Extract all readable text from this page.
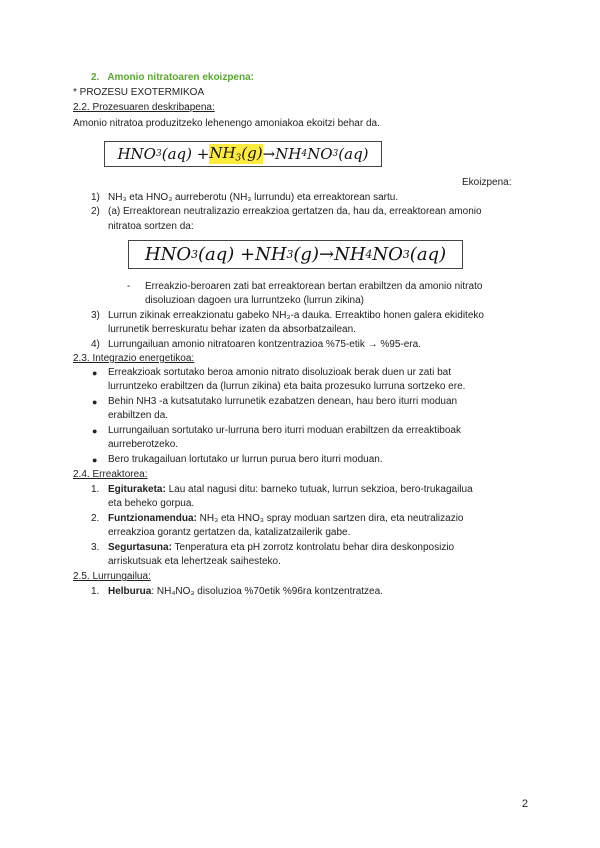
2. Amonio nitratoaren ekoizpena:
* PROZESU EXOTERMIKOA
2.2. Prozesuaren deskribapena:
Amonio nitratoa produzitzeko lehenengo amoniakoa ekoitzi behar da.
HNO 3 (aq) + NH3(g) → NH 4 NO 3 (aq)
Ekoizpena:
1) NH₃ eta HNO₃ aurreberotu (NH₃ lurrundu) eta erreaktorean sartu.
2) (a) Erreaktorean neutralizazio erreakzioa gertatzen da, hau da, erreaktorean amonio
nitratoa sortzen da:
HNO 3 (aq) + NH 3 (g) → NH 4 NO 3 (aq)
- Erreakzio-beroaren zati bat erreaktorean bertan erabiltzen da amonio nitrato
disoluzioan dagoen ura lurruntzeko (lurrun zikina)
3) Lurrun zikinak erreakzionatu gabeko NH₃-a dauka. Erreaktibo honen galera ekiditeko
lurrunetik berreskuratu behar izaten da absorbatzailean.
4) Lurrungailuan amonio nitratoaren kontzentrazioa %75-etik → %95-era.
2.3. Integrazio energetikoa:
● Erreakzioak sortutako beroa amonio nitrato disoluzioak berak duen ur zati bat
lurruntzeko erabiltzen da (lurrun zikina) eta baita prozesuko lurruna sortzeko ere.
● Behin NH3 -a kutsatutako lurrunetik ezabatzen denean, hau bero iturri moduan
erabiltzen da.
● Lurrungailuan sortutako ur-lurruna bero iturri moduan erabiltzen da erreaktiboak
aurreberotzeko.
● Bero trukagailuan lortutako ur lurrun purua bero iturri moduan.
2.4. Erreaktorea:
1. Egituraketa: Lau atal nagusi ditu: barneko tutuak, lurrun sekzioa, bero-trukagailua
eta beheko gorpua.
2. Funtzionamendua: NH₃ eta HNO₃ spray moduan sartzen dira, eta neutralizazio
erreakzioa gorantz gertatzen da, katalizatzailerik gabe.
3. Segurtasuna: Tenperatura eta pH zorrotz kontrolatu behar dira deskonposizio
arriskutsuak eta lehertzeak saihesteko.
2.5. Lurrungailua:
1. Helburua: NH₄NO₃ disoluzioa %70etik %96ra kontzentratzea.
2
